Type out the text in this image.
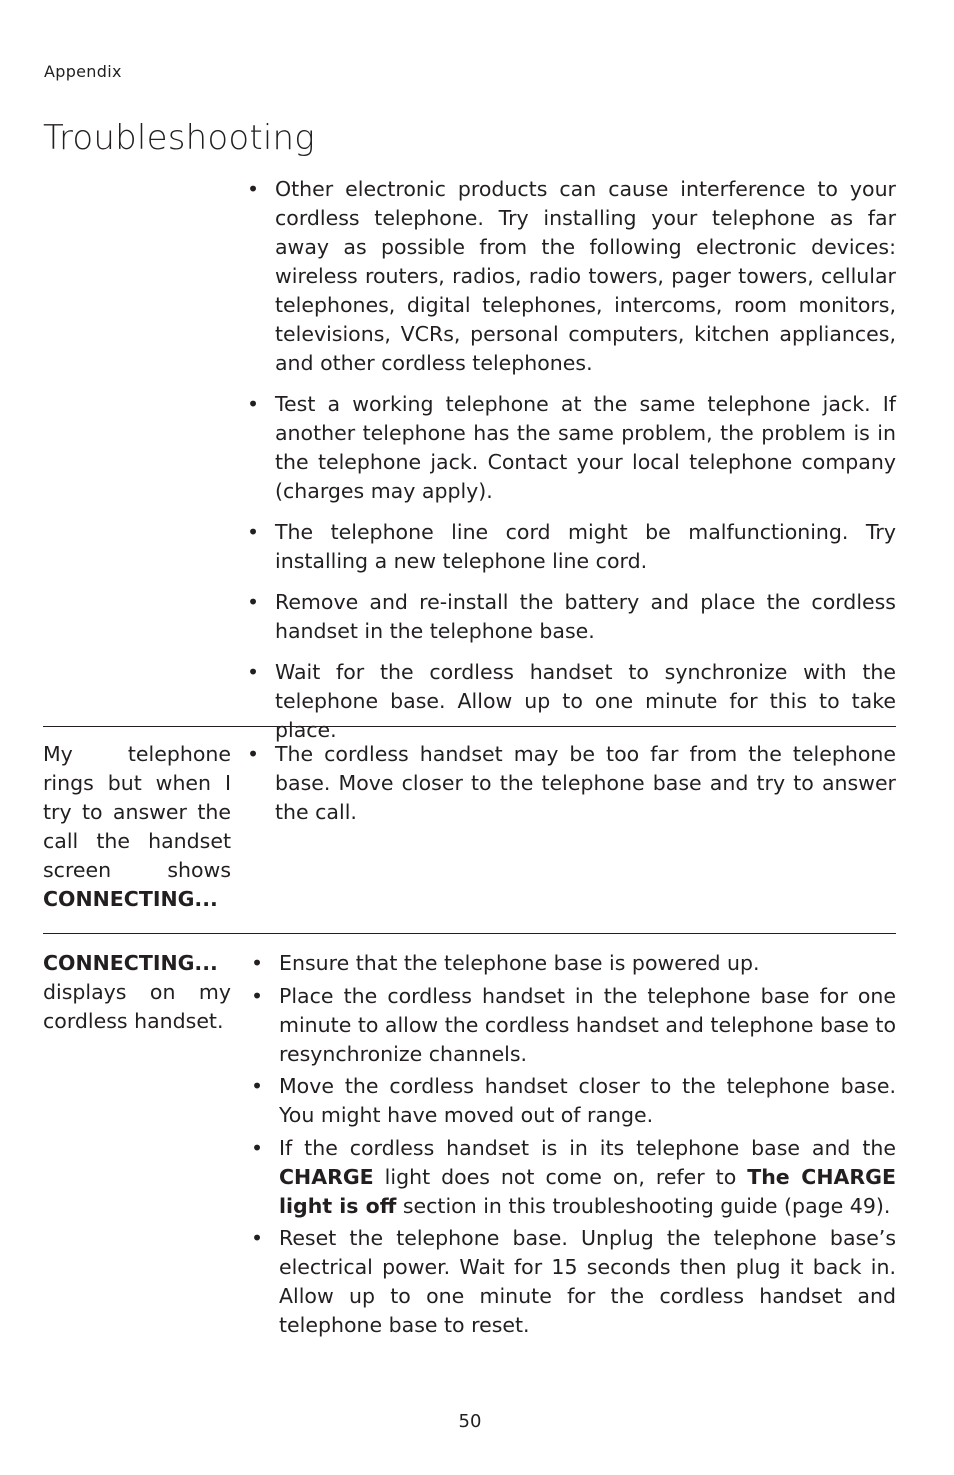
Appendix
Troubleshooting
• Other electronic products can cause interference to your cordless telephone. Try installing your telephone as far away as possible from the following electronic devices: wireless routers, radios, radio towers, pager towers, cellular telephones, digital telephones, intercoms, room monitors, televisions, VCRs, personal computers, kitchen appliances, and other cordless telephones.
• Test a working telephone at the same telephone jack. If another telephone has the same problem, the problem is in the telephone jack. Contact your local telephone company (charges may apply).
• The telephone line cord might be malfunctioning. Try installing a new telephone line cord.
• Remove and re-install the battery and place the cordless handset in the telephone base.
• Wait for the cordless handset to synchronize with the telephone base. Allow up to one minute for this to take place.
My telephone rings but when I try to answer the call the handset screen shows CONNECTING...
• The cordless handset may be too far from the telephone base. Move closer to the telephone base and try to answer the call.
CONNECTING... displays on my cordless handset.
• Ensure that the telephone base is powered up.
• Place the cordless handset in the telephone base for one minute to allow the cordless handset and telephone base to resynchronize channels.
• Move the cordless handset closer to the telephone base. You might have moved out of range.
• If the cordless handset is in its telephone base and the CHARGE light does not come on, refer to The CHARGE light is off section in this troubleshooting guide (page 49).
• Reset the telephone base. Unplug the telephone base’s electrical power. Wait for 15 seconds then plug it back in. Allow up to one minute for the cordless handset and telephone base to reset.
50
